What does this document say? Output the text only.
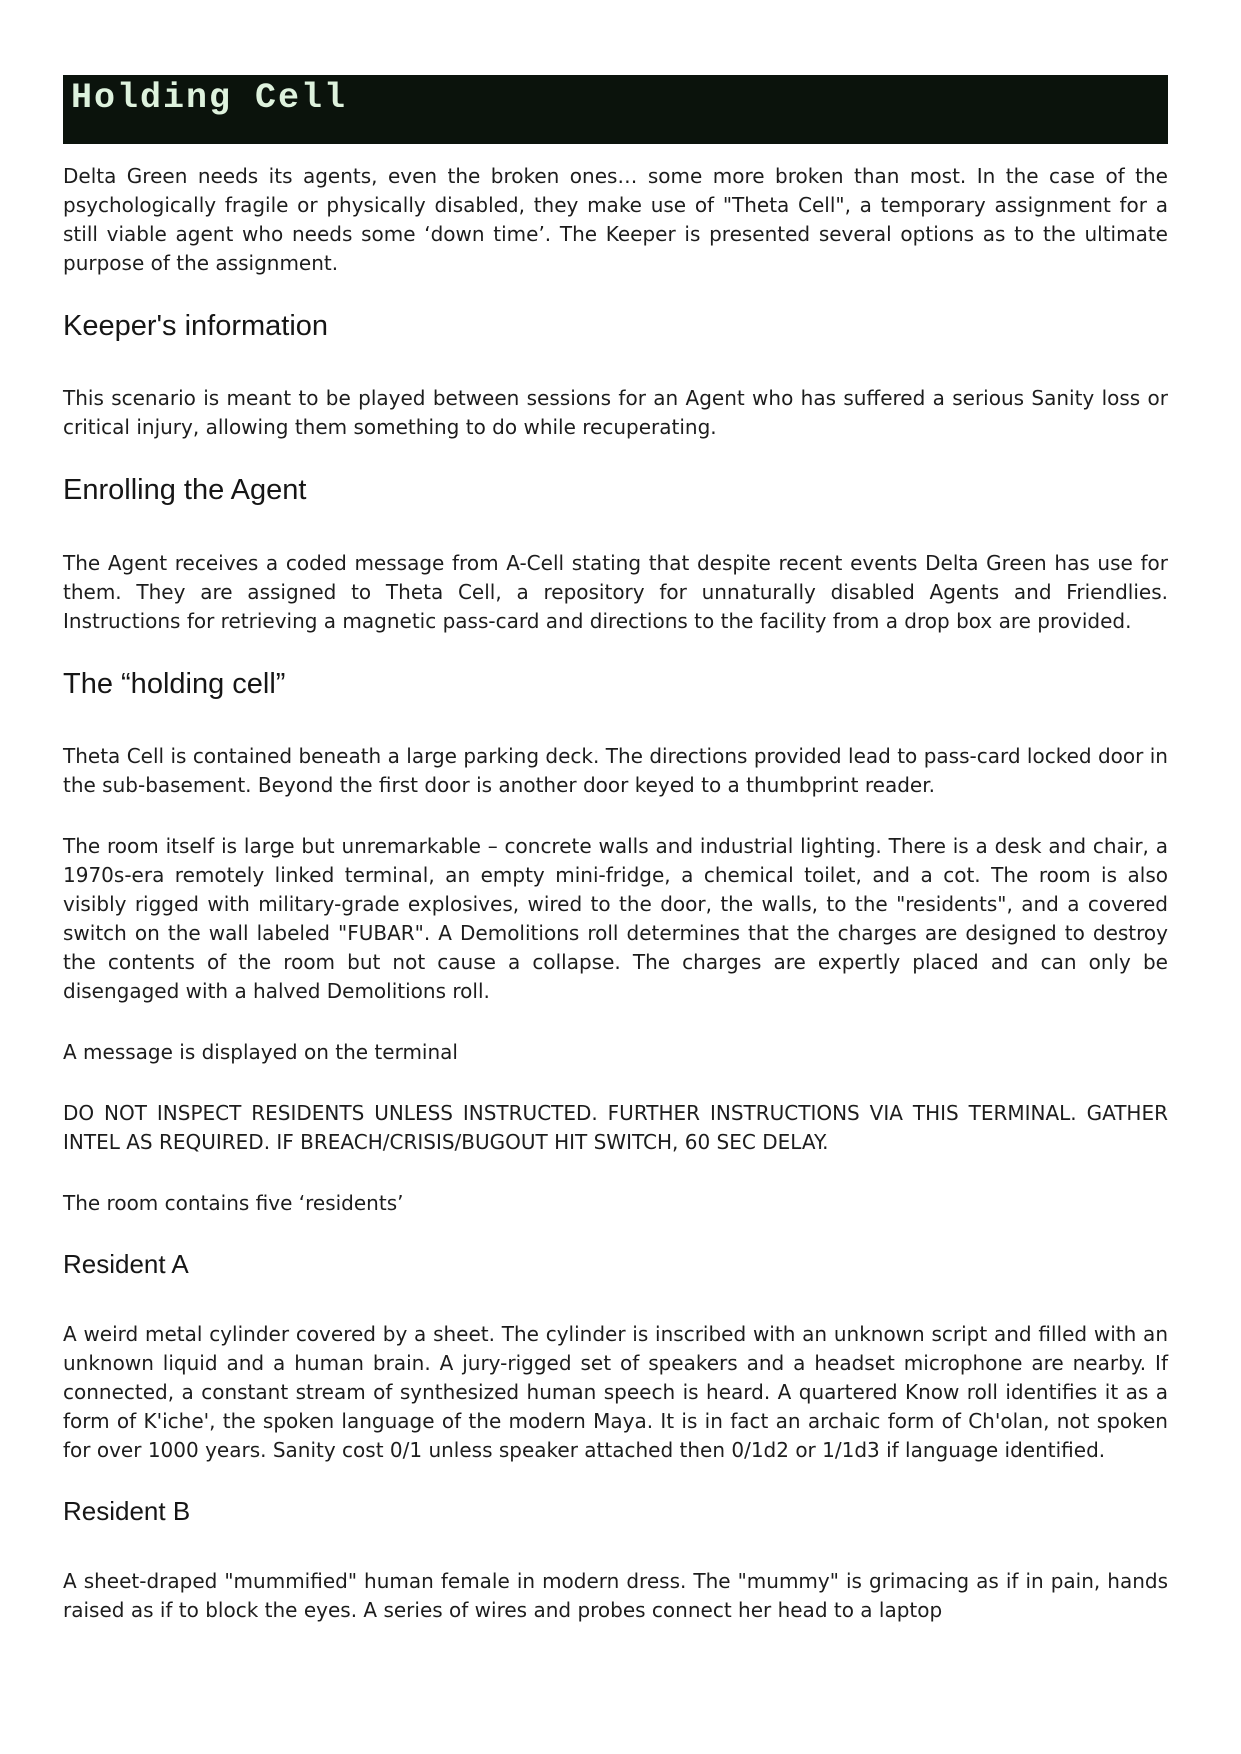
Holding Cell

Delta Green needs its agents, even the broken ones… some more broken than most. In the case of the psychologically fragile or physically disabled, they make use of "Theta Cell", a temporary assignment for a still viable agent who needs some ‘down time’. The Keeper is presented several options as to the ultimate purpose of the assignment.

Keeper's information

This scenario is meant to be played between sessions for an Agent who has suffered a serious Sanity loss or critical injury, allowing them something to do while recuperating.

Enrolling the Agent

The Agent receives a coded message from A-Cell stating that despite recent events Delta Green has use for them. They are assigned to Theta Cell, a repository for unnaturally disabled Agents and Friendlies. Instructions for retrieving a magnetic pass-card and directions to the facility from a drop box are provided.

The “holding cell”

Theta Cell is contained beneath a large parking deck. The directions provided lead to pass-card locked door in the sub-basement. Beyond the first door is another door keyed to a thumbprint reader.

The room itself is large but unremarkable – concrete walls and industrial lighting. There is a desk and chair, a 1970s-era remotely linked terminal, an empty mini-fridge, a chemical toilet, and a cot. The room is also visibly rigged with military-grade explosives, wired to the door, the walls, to the "residents", and a covered switch on the wall labeled "FUBAR". A Demolitions roll determines that the charges are designed to destroy the contents of the room but not cause a collapse. The charges are expertly placed and can only be disengaged with a halved Demolitions roll.

A message is displayed on the terminal

DO NOT INSPECT RESIDENTS UNLESS INSTRUCTED. FURTHER INSTRUCTIONS VIA THIS TERMINAL. GATHER INTEL AS REQUIRED. IF BREACH/CRISIS/BUGOUT HIT SWITCH, 60 SEC DELAY.

The room contains five ‘residents’

Resident A

A weird metal cylinder covered by a sheet. The cylinder is inscribed with an unknown script and filled with an unknown liquid and a human brain. A jury-rigged set of speakers and a headset microphone are nearby. If connected, a constant stream of synthesized human speech is heard. A quartered Know roll identifies it as a form of K'iche', the spoken language of the modern Maya. It is in fact an archaic form of Ch'olan, not spoken for over 1000 years. Sanity cost 0/1 unless speaker attached then 0/1d2 or 1/1d3 if language identified.

Resident B

A sheet-draped "mummified" human female in modern dress. The "mummy" is grimacing as if in pain, hands raised as if to block the eyes. A series of wires and probes connect her head to a laptop
